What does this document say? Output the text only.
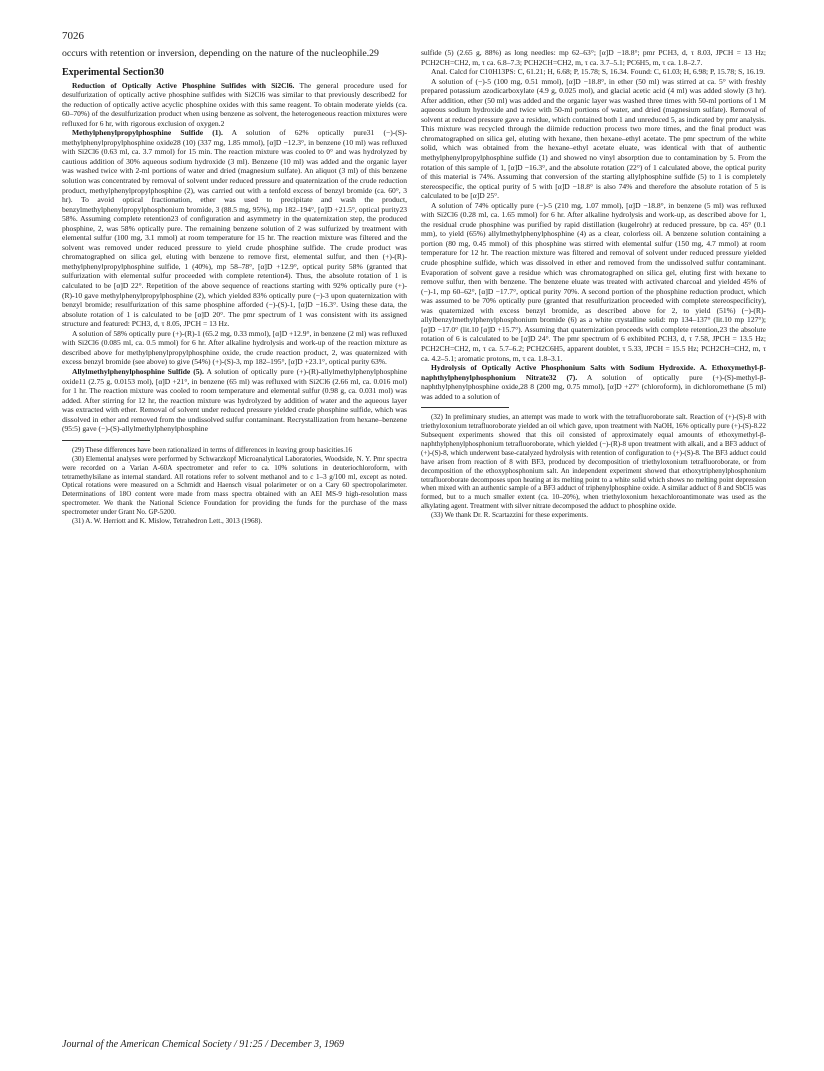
7026

occurs with retention or inversion, depending on the nature of the nucleophile.29

Experimental Section30

Reduction of Optically Active Phosphine Sulfides with Si2Cl6. The general procedure used for desulfurization of optically active phosphine sulfides with Si2Cl6 was similar to that previously described2 for the reduction of optically active acyclic phosphine oxides with this same reagent. To obtain moderate yields (ca. 60–70%) of the desulfurization product when using benzene as solvent, the heterogeneous reaction mixtures were refluxed for 6 hr, with rigorous exclusion of oxygen.2

Methylphenylpropylphosphine Sulfide (1). A solution of 62% optically pure31 (−)-(S)-methylphenylpropylphosphine oxide28 (10) (337 mg, 1.85 mmol), [α]D −12.3°, in benzene (10 ml) was refluxed with Si2Cl6 (0.63 ml, ca. 3.7 mmol) for 15 min. The reaction mixture was cooled to 0° and was hydrolyzed by cautious addition of 30% aqueous sodium hydroxide (3 ml). Benzene (10 ml) was added and the organic layer was washed twice with 2-ml portions of water and dried (magnesium sulfate). An aliquot (3 ml) of this benzene solution was concentrated by removal of solvent under reduced pressure and quaternization of the crude reduction product, methylphenylpropylphosphine (2), was carried out with a tenfold excess of benzyl bromide (ca. 60°, 3 hr). To avoid optical fractionation, ether was used to precipitate and wash the product, benzylmethylphenylpropylphosphonium bromide, 3 (88.5 mg, 95%), mp 182–194°, [α]D +21.5°, optical purity23 58%. Assuming complete retention23 of configuration and asymmetry in the quaternization step, the produced phosphine, 2, was 58% optically pure. The remaining benzene solution of 2 was sulfurized by treatment with elemental sulfur (100 mg, 3.1 mmol) at room temperature for 15 hr. The reaction mixture was filtered and the solvent was removed under reduced pressure to yield crude phosphine sulfide. The crude product was chromatographed on silica gel, eluting with benzene to remove first, elemental sulfur, and then (+)-(R)-methylphenylpropylphosphine sulfide, 1 (40%), mp 58–78°, [α]D +12.9°, optical purity 58% (granted that sulfurization with elemental sulfur proceeded with complete retention4). Thus, the absolute rotation of 1 is calculated to be [α]D 22°. Repetition of the above sequence of reactions starting with 92% optically pure (+)-(R)-10 gave methylphenylpropylphosphine (2), which yielded 83% optically pure (−)-3 upon quaternization with benzyl bromide; resulfurization of this same phosphine afforded (−)-(S)-1, [α]D −16.3°. Using these data, the absolute rotation of 1 is calculated to be [α]D 20°. The pmr spectrum of 1 was consistent with its assigned structure and featured: PCH3, d, τ 8.05, JPCH = 13 Hz.

A solution of 58% optically pure (+)-(R)-1 (65.2 mg, 0.33 mmol), [α]D +12.9°, in benzene (2 ml) was refluxed with Si2Cl6 (0.085 ml, ca. 0.5 mmol) for 6 hr. After alkaline hydrolysis and work-up of the reaction mixture as described above for methylphenylpropylphosphine oxide, the crude reaction product, 2, was quaternized with excess benzyl bromide (see above) to give (54%) (+)-(S)-3, mp 182–195°, [α]D +23.1°, optical purity 63%.

Allylmethylphenylphosphine Sulfide (5). A solution of optically pure (+)-(R)-allylmethylphenylphosphine oxide11 (2.75 g, 0.0153 mol), [α]D +21°, in benzene (65 ml) was refluxed with Si2Cl6 (2.66 ml, ca. 0.016 mol) for 1 hr. The reaction mixture was cooled to room temperature and elemental sulfur (0.98 g, ca. 0.031 mol) was added. After stirring for 12 hr, the reaction mixture was hydrolyzed by addition of water and the aqueous layer was extracted with ether. Removal of solvent under reduced pressure yielded crude phosphine sulfide, which was dissolved in ether and removed from the undissolved sulfur contaminant. Recrystallization from hexane–benzene (95:5) gave (−)-(S)-allylmethylphenylphosphine

(29) These differences have been rationalized in terms of differences in leaving group basicities.16

(30) Elemental analyses were performed by Schwarzkopf Microanalytical Laboratories, Woodside, N. Y. Pmr spectra were recorded on a Varian A-60A spectrometer and refer to ca. 10% solutions in deuteriochloroform, with tetramethylsilane as internal standard. All rotations refer to solvent methanol and to c 1–3 g/100 ml, except as noted. Optical rotations were measured on a Schmidt and Haensch visual polarimeter or on a Cary 60 spectropolarimeter. Determinations of 18O content were made from mass spectra obtained with an AEI MS-9 high-resolution mass spectrometer. We thank the National Science Foundation for providing the funds for the purchase of the mass spectrometer under Grant No. GP-5200.

(31) A. W. Herriott and K. Mislow, Tetrahedron Lett., 3013 (1968).

sulfide (5) (2.65 g, 88%) as long needles: mp 62–63°; [α]D −18.8°; pmr PCH3, d, τ 8.03, JPCH = 13 Hz; PCH2CH=CH2, m, τ ca. 6.8–7.3; PCH2CH=CH2, m, τ ca. 3.7–5.1; PC6H5, m, τ ca. 1.8–2.7.

Anal. Calcd for C10H13PS: C, 61.21; H, 6.68; P, 15.78; S, 16.34. Found: C, 61.03; H, 6.98; P, 15.78; S, 16.19.

A solution of (−)-5 (100 mg, 0.51 mmol), [α]D −18.8°, in ether (50 ml) was stirred at ca. 5° with freshly prepared potassium azodicarboxylate (4.9 g, 0.025 mol), and glacial acetic acid (4 ml) was added slowly (3 hr). After addition, ether (50 ml) was added and the organic layer was washed three times with 50-ml portions of 1 M aqueous sodium hydroxide and twice with 50-ml portions of water, and dried (magnesium sulfate). Removal of solvent at reduced pressure gave a residue, which contained both 1 and unreduced 5, as indicated by pmr analysis. This mixture was recycled through the diimide reduction process two more times, and the final product was chromatographed on silica gel, eluting with hexane, then hexane–ethyl acetate. The pmr spectrum of the white solid, which was obtained from the hexane–ethyl acetate eluate, was identical with that of authentic methylphenylpropylphosphine sulfide (1) and showed no vinyl absorption due to contamination by 5. From the rotation of this sample of 1, [α]D −16.3°, and the absolute rotation (22°) of 1 calculated above, the optical purity of this material is 74%. Assuming that conversion of the starting allylphosphine sulfide (5) to 1 is completely stereospecific, the optical purity of 5 with [α]D −18.8° is also 74% and therefore the absolute rotation of 5 is calculated to be [α]D 25°.

A solution of 74% optically pure (−)-5 (210 mg, 1.07 mmol), [α]D −18.8°, in benzene (5 ml) was refluxed with Si2Cl6 (0.28 ml, ca. 1.65 mmol) for 6 hr. After alkaline hydrolysis and work-up, as described above for 1, the residual crude phosphine was purified by rapid distillation (kugelrohr) at reduced pressure, bp ca. 45° (0.1 mm), to yield (65%) allylmethylphenylphosphine (4) as a clear, colorless oil. A benzene solution containing a portion (80 mg, 0.45 mmol) of this phosphine was stirred with elemental sulfur (150 mg, 4.7 mmol) at room temperature for 12 hr. The reaction mixture was filtered and removal of solvent under reduced pressure yielded crude phosphine sulfide, which was dissolved in ether and removed from the undissolved sulfur contaminant. Evaporation of solvent gave a residue which was chromatographed on silica gel, eluting first with hexane to remove sulfur, then with benzene. The benzene eluate was treated with activated charcoal and yielded 45% of (−)-1, mp 60–62°, [α]D −17.7°, optical purity 70%. A second portion of the phosphine reduction product, which was assumed to be 70% optically pure (granted that resulfurization proceeded with complete stereospecificity), was quaternized with excess benzyl bromide, as described above for 2, to yield (51%) (−)-(R)-allylbenzylmethylphenylphosphonium bromide (6) as a white crystalline solid: mp 134–137° (lit.10 mp 127°); [α]D −17.0° (lit.10 [α]D +15.7°). Assuming that quaternization proceeds with complete retention,23 the absolute rotation of 6 is calculated to be [α]D 24°. The pmr spectrum of 6 exhibited PCH3, d, τ 7.58, JPCH = 13.5 Hz; PCH2CH=CH2, m, τ ca. 5.7–6.2; PCH2C6H5, apparent doublet, τ 5.33, JPCH = 15.5 Hz; PCH2CH=CH2, m, τ ca. 4.2–5.1; aromatic protons, m, τ ca. 1.8–3.1.

Hydrolysis of Optically Active Phosphonium Salts with Sodium Hydroxide. A. Ethoxymethyl-β-naphthylphenylphosphonium Nitrate32 (7). A solution of optically pure (+)-(S)-methyl-β-naphthylphenylphosphine oxide,28 8 (200 mg, 0.75 mmol), [α]D +27° (chloroform), in dichloromethane (5 ml) was added to a solution of

(32) In preliminary studies, an attempt was made to work with the tetrafluoroborate salt. Reaction of (+)-(S)-8 with triethyloxonium tetrafluoroborate yielded an oil which gave, upon treatment with NaOH, 16% optically pure (+)-(S)-8.22 Subsequent experiments showed that this oil consisted of approximately equal amounts of ethoxymethyl-β-naphthylphenylphosphonium tetrafluoroborate, which yielded (−)-(R)-8 upon treatment with alkali, and a BF3 adduct of (+)-(S)-8, which underwent base-catalyzed hydrolysis with retention of configuration to (+)-(S)-8. The BF3 adduct could have arisen from reaction of 8 with BF3, produced by decomposition of triethyloxonium tetrafluoroborate, or from decomposition of the ethoxyphosphonium salt. An independent experiment showed that ethoxytriphenylphosphonium tetrafluoroborate decomposes upon heating at its melting point to a white solid which shows no melting point depression when mixed with an authentic sample of a BF3 adduct of triphenylphosphine oxide. A similar adduct of 8 and SbCl5 was formed, but to a much smaller extent (ca. 10–20%), when triethyloxonium hexachloroantimonate was used as the alkylating agent. Treatment with silver nitrate decomposed the adduct to phosphine oxide.

(33) We thank Dr. R. Scartazzini for these experiments.

Journal of the American Chemical Society / 91:25 / December 3, 1969
